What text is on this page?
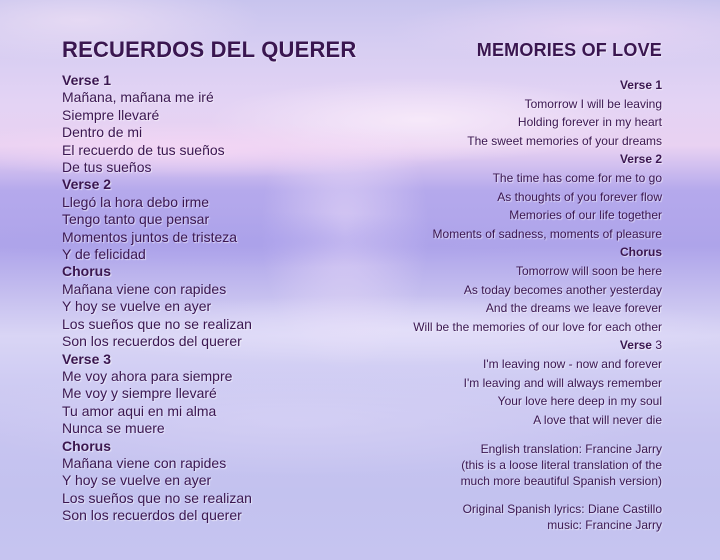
RECUERDOS DEL QUERER
Verse 1
Mañana, mañana me iré
Siempre llevaré
Dentro de mi
El recuerdo de tus sueños
De tus sueños
Verse 2
Llegó la hora debo irme
Tengo tanto que pensar
Momentos juntos de tristeza
Y de felicidad
Chorus
Mañana viene con rapides
Y hoy se vuelve en ayer
Los sueños que no se realizan
Son los recuerdos del querer
Verse 3
Me voy ahora para siempre
Me voy y siempre llevaré
Tu amor aqui en mi alma
Nunca se muere
Chorus
Mañana viene con rapides
Y hoy se vuelve en ayer
Los sueños que no se realizan
Son los recuerdos del querer
MEMORIES OF LOVE
Verse 1
Tomorrow I will be leaving
Holding forever in my heart
The sweet memories of your dreams
Verse 2
The time has come for me to go
As thoughts of you forever flow
Memories of our life together
Moments of sadness, moments of pleasure
Chorus
Tomorrow will soon be here
As today becomes another yesterday
And the dreams we leave forever
Will be the memories of our love for each other
Verse 3
I'm leaving now - now and forever
I'm leaving and will always remember
Your love here deep in my soul
A love that will never die

English translation: Francine Jarry
(this is a loose literal translation of the
much more beautiful Spanish version)

Original Spanish lyrics: Diane Castillo
music: Francine Jarry
